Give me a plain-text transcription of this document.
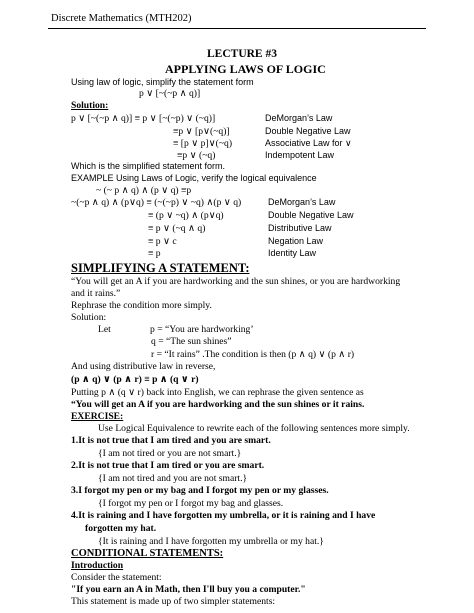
Discrete Mathematics (MTH202)
LECTURE #3
APPLYING LAWS OF LOGIC
Using law of logic, simplify the statement form
p ∨ [~(~p ∧ q)]
Solution:
p ∨ [~(~p ∧ q)] ≡ p ∨ [~(~p) ∨ (~q)]	DeMorgan’s Law
≡p ∨ [p∨(~q)]	Double Negative Law
≡ [p ∨ p]∨(~q)	Associative Law for ∨
≡p ∨ (~q)	Indempotent Law
Which is the simplified statement form.
EXAMPLE Using Laws of Logic, verify the logical equivalence
~ (~ p ∧ q) ∧ (p ∨ q) ≡p
~(~p ∧ q) ∧ (p∨q) ≡ (~(~p) ∨ ~q) ∧(p ∨ q)	DeMorgan’s Law
≡ (p ∨ ~q) ∧ (p∨q)	Double Negative Law
≡ p ∨ (~q ∧ q)	Distributive Law
≡ p ∨ c	Negation Law
≡ p	Identity Law
SIMPLIFYING A STATEMENT:
“You will get an A if you are hardworking and the sun shines, or you are hardworking
and it rains.”
Rephrase the condition more simply.
Solution:
Let	p = “You are hardworking’
q = “The sun shines”
r = “It rains” .The condition is then (p ∧ q) ∨ (p ∧ r)
And using distributive law in reverse,
(p ∧ q) ∨ (p ∧ r) ≡ p ∧ (q ∨ r)
Putting p ∧ (q ∨ r) back into English, we can rephrase the given sentence as
“You will get an A if you are hardworking and the sun shines or it rains.
EXERCISE:
Use Logical Equivalence to rewrite each of the following sentences more simply.
1.It is not true that I am tired and you are smart.
{I am not tired or you are not smart.}
2.It is not true that I am tired or you are smart.
{I am not tired and you are not smart.}
3.I forgot my pen or my bag and I forgot my pen or my glasses.
{I forgot my pen or I forgot my bag and glasses.
4.It is raining and I have forgotten my umbrella, or it is raining and I have
forgotten my hat.
{It is raining and I have forgotten my umbrella or my hat.}
CONDITIONAL STATEMENTS:
Introduction
Consider the statement:
"If you earn an A in Math, then I'll buy you a computer."
This statement is made up of two simpler statements:
